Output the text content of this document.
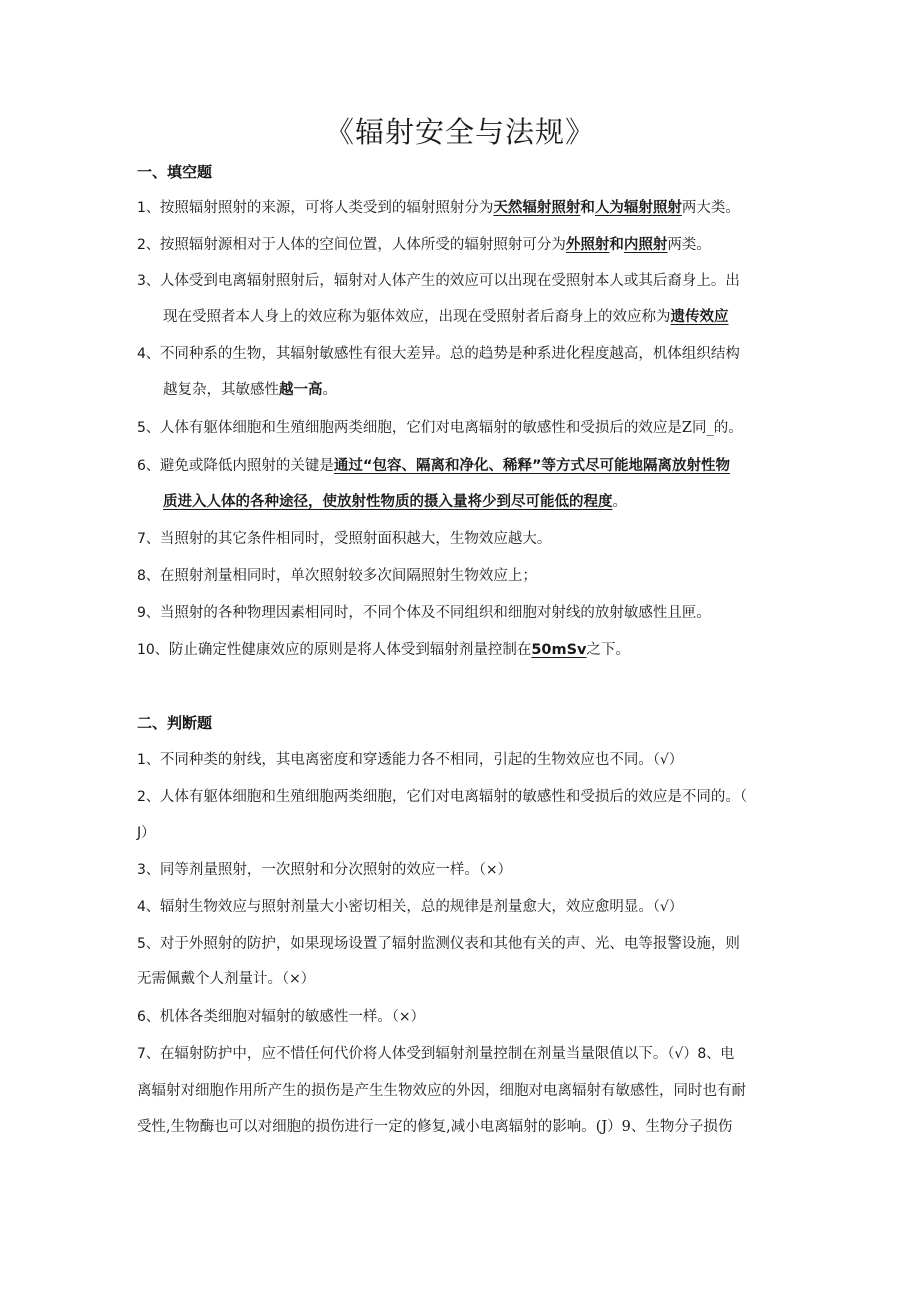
《辐射安全与法规》
一、填空题
1、按照辐射照射的来源，可将人类受到的辐射照射分为天然辐射照射和人为辐射照射两大类。
2、按照辐射源相对于人体的空间位置，人体所受的辐射照射可分为外照射和内照射两类。
3、人体受到电离辐射照射后，辐射对人体产生的效应可以出现在受照射本人或其后裔身上。出
现在受照者本人身上的效应称为躯体效应，出现在受照射者后裔身上的效应称为遗传效应
4、不同种系的生物，其辐射敏感性有很大差异。总的趋势是种系进化程度越高，机体组织结构
越复杂，其敏感性越一高。
5、人体有躯体细胞和生殖细胞两类细胞，它们对电离辐射的敏感性和受损后的效应是Z同_的。
6、避免或降低内照射的关键是通过“包容、隔离和净化、稀释”等方式尽可能地隔离放射性物
质进入人体的各种途径，使放射性物质的摄入量将少到尽可能低的程度。
7、当照射的其它条件相同时，受照射面积越大，生物效应越大。
8、在照射剂量相同时，单次照射较多次间隔照射生物效应上；
9、当照射的各种物理因素相同时，不同个体及不同组织和细胞对射线的放射敏感性且匣。
10、防止确定性健康效应的原则是将人体受到辐射剂量控制在50mSv之下。
二、判断题
1、不同种类的射线，其电离密度和穿透能力各不相同，引起的生物效应也不同。（√）
2、人体有躯体细胞和生殖细胞两类细胞，它们对电离辐射的敏感性和受损后的效应是不同的。（
J）
3、同等剂量照射，一次照射和分次照射的效应一样。（×）
4、辐射生物效应与照射剂量大小密切相关，总的规律是剂量愈大，效应愈明显。（√）
5、对于外照射的防护，如果现场设置了辐射监测仪表和其他有关的声、光、电等报警设施，则
无需佩戴个人剂量计。（×）
6、机体各类细胞对辐射的敏感性一样。（×）
7、在辐射防护中，应不惜任何代价将人体受到辐射剂量控制在剂量当量限值以下。（√）8、电
离辐射对细胞作用所产生的损伤是产生生物效应的外因，细胞对电离辐射有敏感性，同时也有耐
受性,生物酶也可以对细胞的损伤进行一定的修复,减小电离辐射的影响。(J）9、生物分子损伤
